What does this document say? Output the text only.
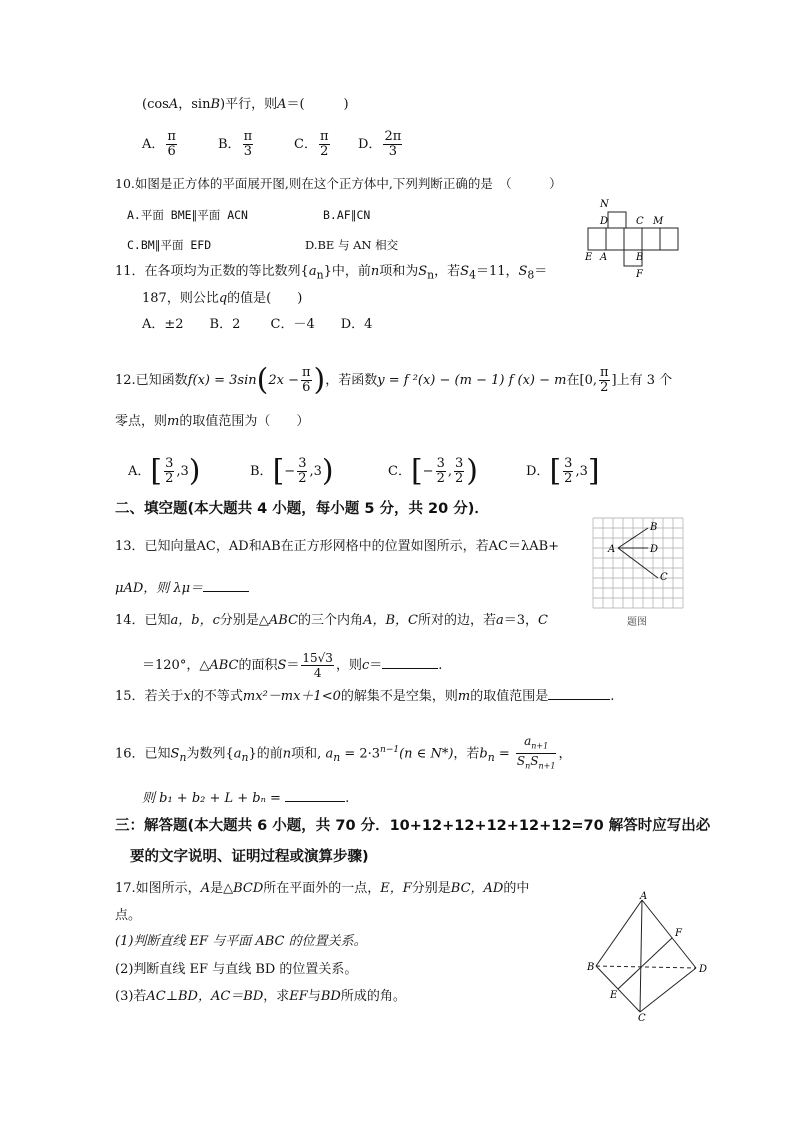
(cosA，sinB)平行，则A＝(　　　)
A． $\frac{\pi}{6}$	B． $\frac{\pi}{3}$	C． $\frac{\pi}{2}$ D． $\frac{2\pi}{3}$
10.如图是正方体的平面展开图,则在这个正方体中,下列判断正确的是　（　　　）
A.平面 BME∥平面 ACN	B.AF∥CN
C.BM∥平面 EFD	D.BE 与 AN 相交
N
D	C M
E A	B
F
11．在各项均为正数的等比数列$\{a_n\}$中，前n项和为$S_n$，若$S_4=11$，$S_8=$
187，则公比q的值是(　　)
A．±2　　B．2　　 C．－4　　D．4
12.已知函数$f(x) = 3\sin(2x - \frac{\pi}{6}$ )，若函数y = f ²(x) − (m − 1) f (x) − m在[0, $\frac{\pi}{2}$ ]上有 3 个
零点，则m的取值范围为（　　）
A．[ $\frac{3}{2} ,3$)	B．[− $\frac{3}{2} ,3$)	C．[− $\frac{3}{2}$ , $\frac{3}{2}$ )	D．[ $\frac{3}{2} ,3$]
二、填空题(本大题共 4 小题，每小题 5 分，共 20 分)．
13．已知向量AC，AD和AB在正方形网格中的位置如图所示，若AC＝λAB+
μAD，则 λμ＝
B
A	D
C
题图
14．已知a，b，c分别是△ABC的三个内角A，B，C所对的边，若a＝3，C
＝120°，△ABC的面积$S= \frac{15√3}{4}$ ，则c＝	.
15．若关于x的不等式mx²－mx＋1<0的解集不是空集，则m的取值范围是	.
16．已知$S_n$为数列$\{a_n\}$的前n项和, $a_n = 2\cdot 3^{n-1}(n$ ∈ N*)，若$b_n = \frac{a_{n+1}}{S_nS_{n+1}}$ ，
则 b₁ + b₂ + L + bₙ =	.
三：解答题(本大题共 6 小题，共 70 分．10+12+12+12+12+12=70 解答时应写出必
要的文字说明、证明过程或演算步骤)
17.如图所示，A是△BCD所在平面外的一点，E，F分别是BC，AD的中
点。
(1)判断直线 EF 与平面 ABC 的位置关系。
(2)判断直线 EF 与直线 BD 的位置关系。
(3)若AC⊥BD，AC＝BD，求EF与BD所成的角。
A
B
C
D
E
F
